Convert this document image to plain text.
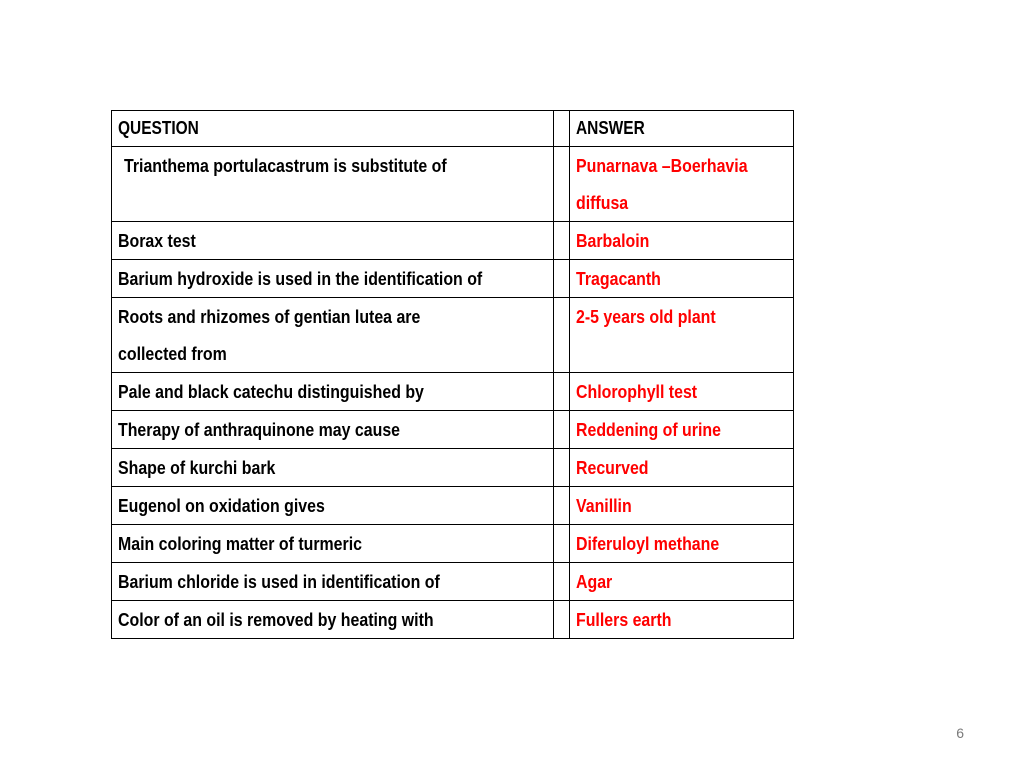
QUESTION		ANSWER
Trianthema portulacastrum is substitute of		Punarnava –Boerhavia
diffusa
Borax test		Barbaloin
Barium hydroxide is used in the identification of		Tragacanth
Roots and rhizomes of gentian lutea are
collected from		2-5 years old plant
Pale and black catechu distinguished by		Chlorophyll test
Therapy of anthraquinone may cause		Reddening of urine
Shape of kurchi bark		Recurved
Eugenol on oxidation gives		Vanillin
Main coloring matter of turmeric		Diferuloyl methane
Barium chloride is used in identification of		Agar
Color of an oil is removed by heating with		Fullers earth
6
